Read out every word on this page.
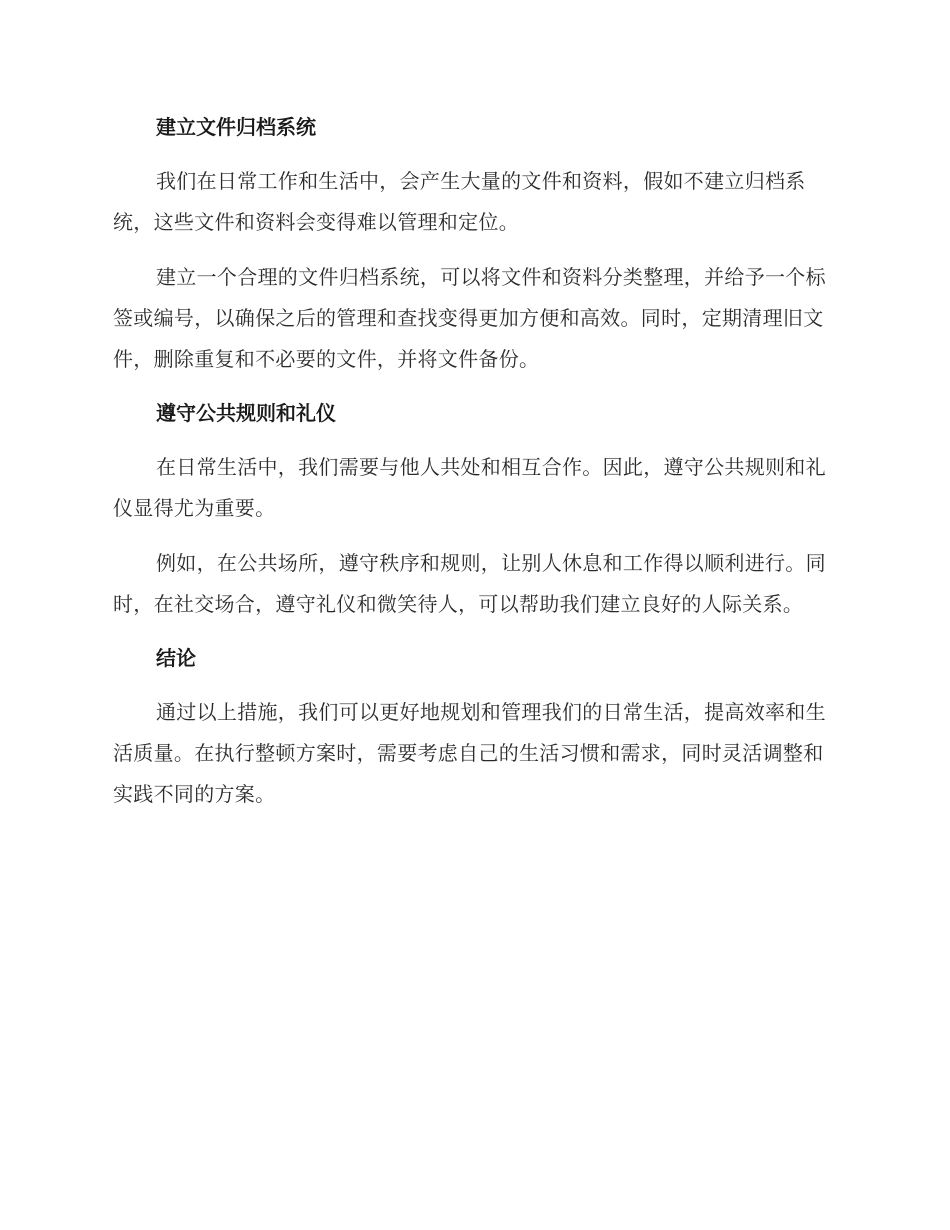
建立文件归档系统

我们在日常工作和生活中，会产生大量的文件和资料，假如不建立归档系统，这些文件和资料会变得难以管理和定位。

建立一个合理的文件归档系统，可以将文件和资料分类整理，并给予一个标签或编号，以确保之后的管理和查找变得更加方便和高效。同时，定期清理旧文件，删除重复和不必要的文件，并将文件备份。

遵守公共规则和礼仪

在日常生活中，我们需要与他人共处和相互合作。因此，遵守公共规则和礼仪显得尤为重要。

例如，在公共场所，遵守秩序和规则，让别人休息和工作得以顺利进行。同时，在社交场合，遵守礼仪和微笑待人，可以帮助我们建立良好的人际关系。

结论

通过以上措施，我们可以更好地规划和管理我们的日常生活，提高效率和生活质量。在执行整顿方案时，需要考虑自己的生活习惯和需求，同时灵活调整和实践不同的方案。
